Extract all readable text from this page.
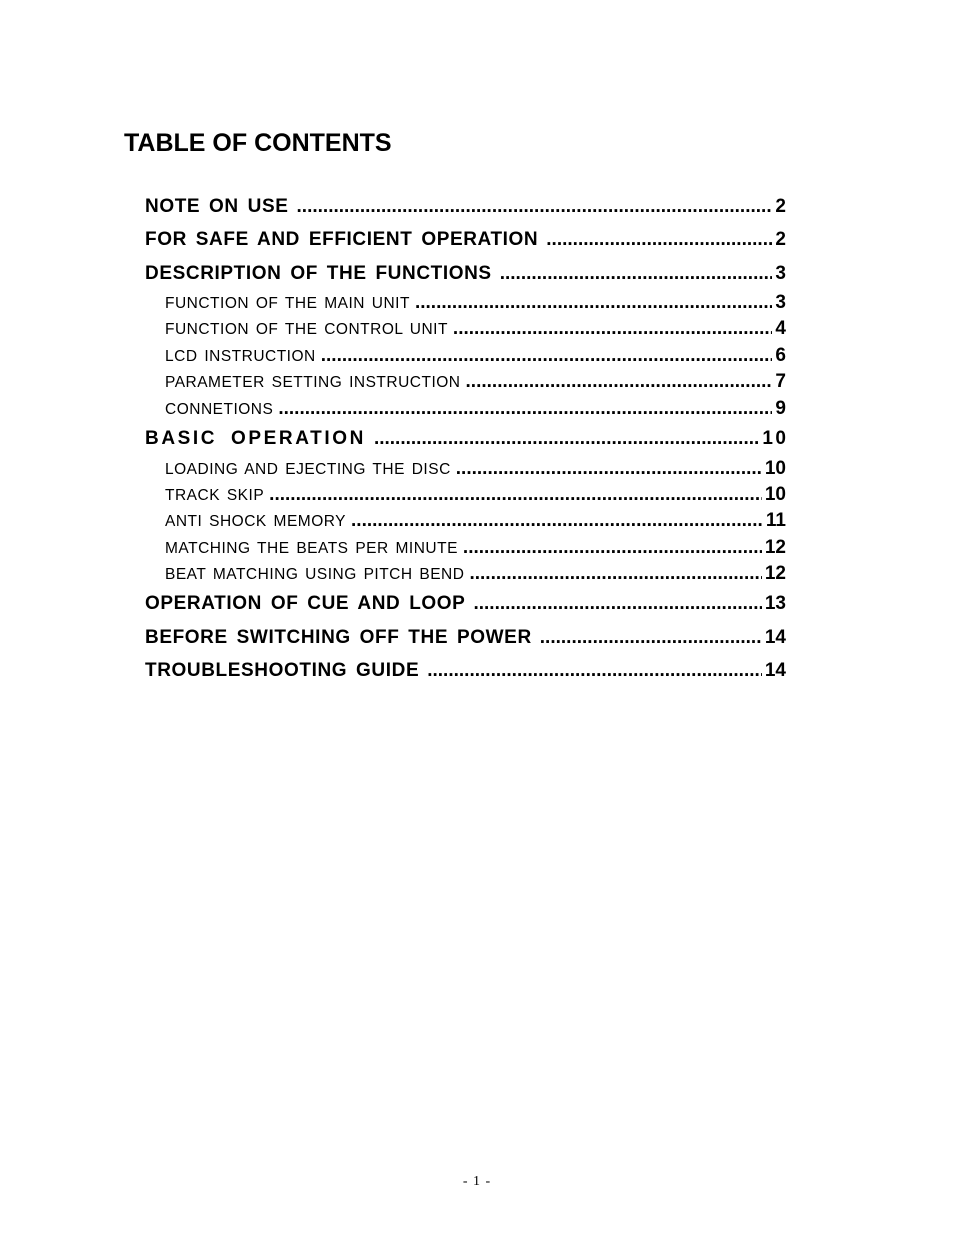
TABLE OF CONTENTS
NOTE ON USE .....	2
FOR SAFE AND EFFICIENT OPERATION .....	2
DESCRIPTION OF THE FUNCTIONS .....	3
FUNCTION OF THE MAIN UNIT .....	3
FUNCTION OF THE CONTROL UNIT .....	4
LCD INSTRUCTION .....	6
PARAMETER SETTING INSTRUCTION .....	7
CONNETIONS .....	9
BASIC OPERATION .....	10
LOADING AND EJECTING THE DISC .....	10
TRACK SKIP .....	10
ANTI SHOCK MEMORY .....	11
MATCHING THE BEATS PER MINUTE .....	12
BEAT MATCHING USING PITCH BEND .....	12
OPERATION OF CUE AND LOOP .....	13
BEFORE SWITCHING OFF THE POWER .....	14
TROUBLESHOOTING GUIDE .....	14
- 1 -
